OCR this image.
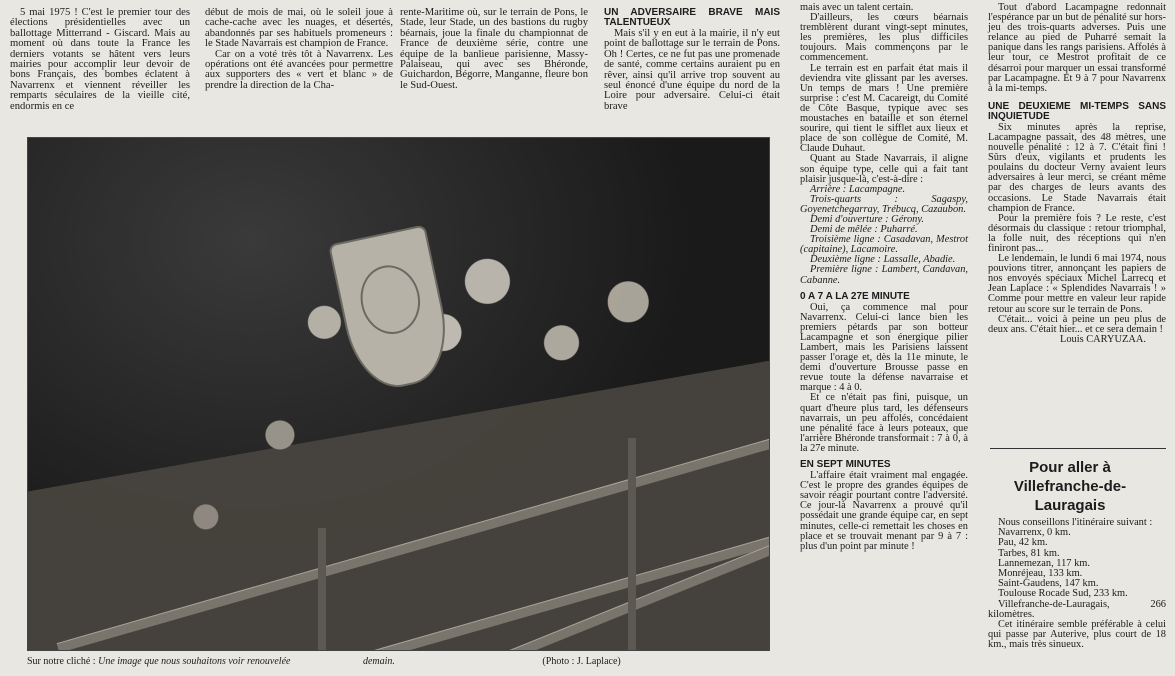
5 mai 1975 ! C'est le premier tour des élections présidentielles avec un ballottage Mitterrand - Giscard. Mais au moment où dans toute la France les derniers votants se hâtent vers leurs mairies pour accomplir leur devoir de bons Français, des bombes éclatent à Navarrenx et viennent réveiller les remparts séculaires de la vieille cité, endormis en ce

début de mois de mai, où le soleil joue à cache-cache avec les nuages, et désertés, abandonnés par ses habituels promeneurs : le Stade Navarrais est champion de France.

Car on a voté très tôt à Navarrenx. Les opérations ont été avancées pour permettre aux supporters des « vert et blanc » de prendre la direction de la Cha-

rente-Maritime où, sur le terrain de Pons, le Stade, leur Stade, un des bastions du rugby béarnais, joue la finale du championnat de France de deuxième série, contre une équipe de la banlieue parisienne, Massy-Palaiseau, qui avec ses Bhéronde, Guichardon, Bégorre, Manganne, fleure bon le Sud-Ouest.

UN ADVERSAIRE BRAVE MAIS TALENTUEUX

Mais s'il y en eut à la mairie, il n'y eut point de ballottage sur le terrain de Pons. Oh ! Certes, ce ne fut pas une promenade de santé, comme certains auraient pu en rêver, ainsi qu'il arrive trop souvent au seul énoncé d'une équipe du nord de la Loire pour adversaire. Celui-ci était brave

Sur notre cliché : Une image que nous souhaitons voir renouvelée	demain.	(Photo : J. Laplace)

mais avec un talent certain.

D'ailleurs, les cœurs béarnais tremblèrent durant vingt-sept minutes, les premières, les plus difficiles toujours. Mais commençons par le commencement.

Le terrain est en parfait état mais il deviendra vite glissant par les averses. Un temps de mars ! Une première surprise : c'est M. Cacareigt, du Comité de Côte Basque, typique avec ses moustaches en bataille et son éternel sourire, qui tient le sifflet aux lieux et place de son collègue de Comité, M. Claude Duhaut.

Quant au Stade Navarrais, il aligne son équipe type, celle qui a fait tant plaisir jusque-là, c'est-à-dire :

Arrière : Lacampagne.

Trois-quarts : Sagaspy, Goyenetchegarray, Trébucq, Cazaubon.

Demi d'ouverture : Gérony.

Demi de mêlée : Puharré.

Troisième ligne : Casadavan, Mestrot (capitaine), Lacamoire.

Deuxième ligne : Lassalle, Abadie.

Première ligne : Lambert, Candavan, Cabanne.

0 A 7 A LA 27E MINUTE

Oui, ça commence mal pour Navarrenx. Celui-ci lance bien les premiers pétards par son botteur Lacampagne et son énergique pilier Lambert, mais les Parisiens laissent passer l'orage et, dès la 11e minute, le demi d'ouverture Brousse passe en revue toute la défense navarraise et marque : 4 à 0.

Et ce n'était pas fini, puisque, un quart d'heure plus tard, les défenseurs navarrais, un peu affolés, concédaient une pénalité face à leurs poteaux, que l'arrière Bhéronde transformait : 7 à 0, à la 27e minute.

EN SEPT MINUTES

L'affaire était vraiment mal engagée. C'est le propre des grandes équipes de savoir réagir pourtant contre l'adversité. Ce jour-là Navarrenx a prouvé qu'il possédait une grande équipe car, en sept minutes, celle-ci remettait les choses en place et se trouvait menant par 9 à 7 : plus d'un point par minute !

Tout d'abord Lacampagne redonnait l'espérance par un but de pénalité sur hors-jeu des trois-quarts adverses. Puis une relance au pied de Puharré semait la panique dans les rangs parisiens. Affolés à leur tour, ce Mestrot profitait de ce désarroi pour marquer un essai transformé par Lacampagne. Et 9 à 7 pour Navarrenx à la mi-temps.

UNE DEUXIEME MI-TEMPS SANS INQUIETUDE

Six minutes après la reprise, Lacampagne passait, des 48 mètres, une nouvelle pénalité : 12 à 7. C'était fini ! Sûrs d'eux, vigilants et prudents les poulains du docteur Verny avaient leurs adversaires à leur merci, se créant même par des charges de leurs avants des occasions. Le Stade Navarrais était champion de France.

Pour la première fois ? Le reste, c'est désormais du classique : retour triomphal, la folle nuit, des réceptions qui n'en finiront pas...

Le lendemain, le lundi 6 mai 1974, nous pouvions titrer, annonçant les papiers de nos envoyés spéciaux Michel Larrecq et Jean Laplace : « Splendides Navarrais ! » Comme pour mettre en valeur leur rapide retour au score sur le terrain de Pons.

C'était... voici à peine un peu plus de deux ans. C'était hier... et ce sera demain !

Louis CARYUZAA.

Pour aller à Villefranche-de-Lauragais

Nous conseillons l'itinéraire suivant :

Navarrenx, 0 km.

Pau, 42 km.

Tarbes, 81 km.

Lannemezan, 117 km.

Monréjeau, 133 km.

Saint-Gaudens, 147 km.

Toulouse Rocade Sud, 233 km.

Villefranche-de-Lauragais, 266 kilomètres.

Cet itinéraire semble préférable à celui qui passe par Auterive, plus court de 18 km., mais très sinueux.
